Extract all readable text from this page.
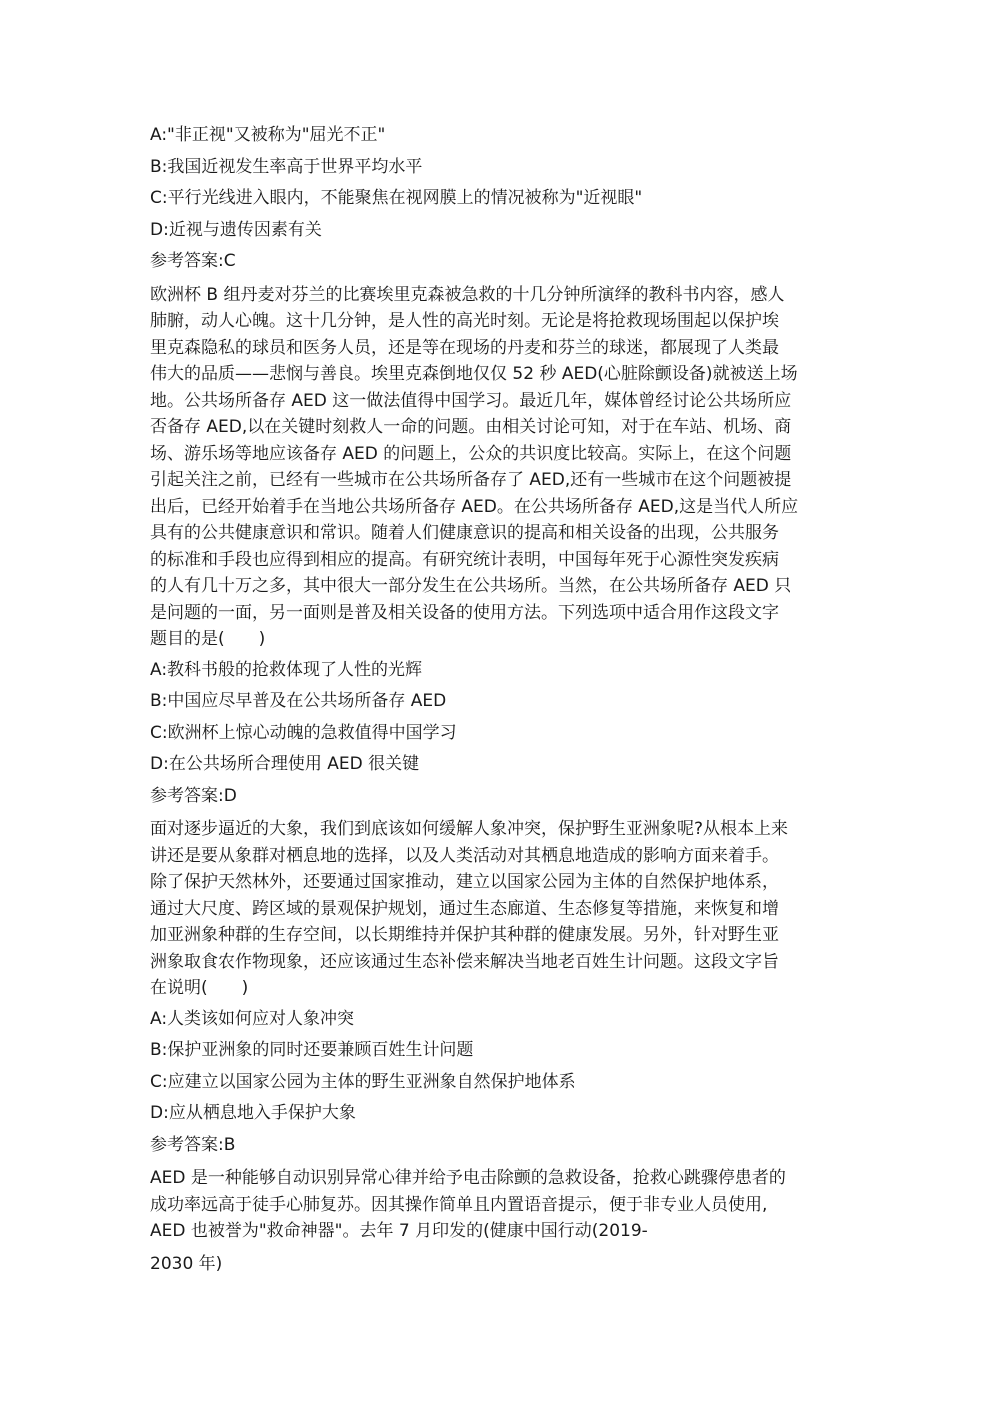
A:"非正视"又被称为"屈光不正"

B:我国近视发生率高于世界平均水平

C:平行光线进入眼内，不能聚焦在视网膜上的情况被称为"近视眼"

D:近视与遗传因素有关

参考答案:C

欧洲杯 B 组丹麦对芬兰的比赛埃里克森被急救的十几分钟所演绎的教科书内容，感人
肺腑，动人心魄。这十几分钟，是人性的高光时刻。无论是将抢救现场围起以保护埃
里克森隐私的球员和医务人员，还是等在现场的丹麦和芬兰的球迷，都展现了人类最
伟大的品质——悲悯与善良。埃里克森倒地仅仅 52 秒 AED(心脏除颤设备)就被送上场
地。公共场所备存 AED 这一做法值得中国学习。最近几年，媒体曾经讨论公共场所应
否备存 AED,以在关键时刻救人一命的问题。由相关讨论可知，对于在车站、机场、商
场、游乐场等地应该备存 AED 的问题上，公众的共识度比较高。实际上，在这个问题
引起关注之前，已经有一些城市在公共场所备存了 AED,还有一些城市在这个问题被提
出后，已经开始着手在当地公共场所备存 AED。在公共场所备存 AED,这是当代人所应
具有的公共健康意识和常识。随着人们健康意识的提高和相关设备的出现，公共服务
的标准和手段也应得到相应的提高。有研究统计表明，中国每年死于心源性突发疾病
的人有几十万之多，其中很大一部分发生在公共场所。当然，在公共场所备存 AED 只
是问题的一面，另一面则是普及相关设备的使用方法。下列选项中适合用作这段文字
题目的是(　　)

A:教科书般的抢救体现了人性的光辉

B:中国应尽早普及在公共场所备存 AED

C:欧洲杯上惊心动魄的急救值得中国学习

D:在公共场所合理使用 AED 很关键

参考答案:D

面对逐步逼近的大象，我们到底该如何缓解人象冲突，保护野生亚洲象呢?从根本上来
讲还是要从象群对栖息地的选择，以及人类活动对其栖息地造成的影响方面来着手。
除了保护天然林外，还要通过国家推动，建立以国家公园为主体的自然保护地体系，
通过大尺度、跨区域的景观保护规划，通过生态廊道、生态修复等措施，来恢复和增
加亚洲象种群的生存空间，以长期维持并保护其种群的健康发展。另外，针对野生亚
洲象取食农作物现象，还应该通过生态补偿来解决当地老百姓生计问题。这段文字旨
在说明(　　)

A:人类该如何应对人象冲突

B:保护亚洲象的同时还要兼顾百姓生计问题

C:应建立以国家公园为主体的野生亚洲象自然保护地体系

D:应从栖息地入手保护大象

参考答案:B

AED 是一种能够自动识别异常心律并给予电击除颤的急救设备，抢救心跳骤停患者的
成功率远高于徒手心肺复苏。因其操作简单且内置语音提示，便于非专业人员使用,
AED 也被誉为"救命神器"。去年 7 月印发的(健康中国行动(2019-
2030 年)
